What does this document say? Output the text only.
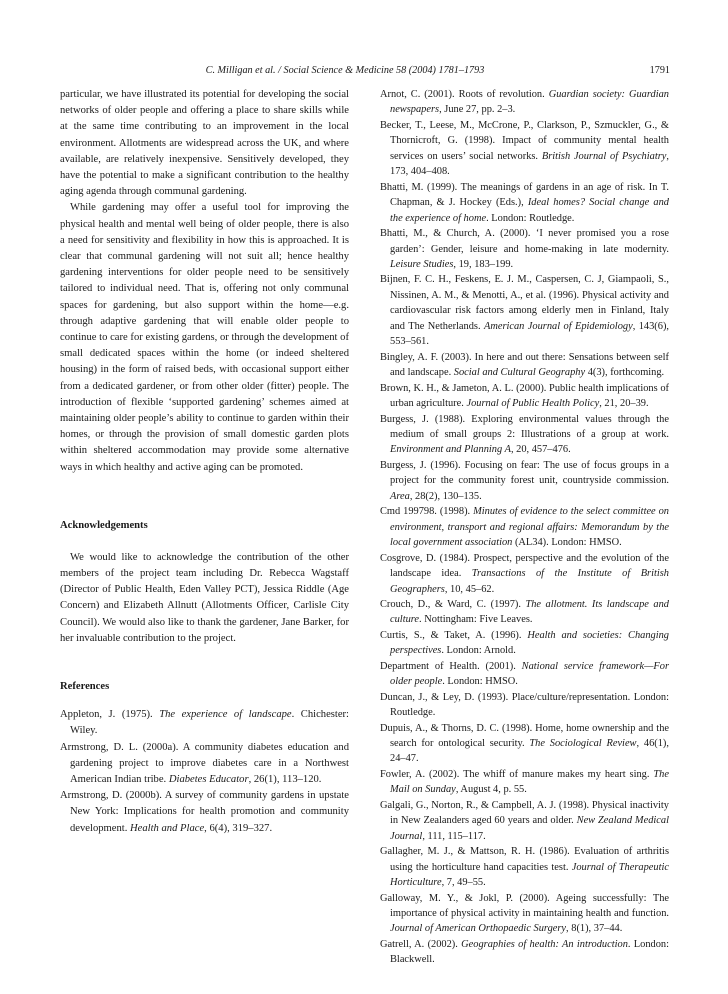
C. Milligan et al. / Social Science & Medicine 58 (2004) 1781–1793	1791

particular, we have illustrated its potential for developing the social networks of older people and offering a place to share skills while at the same time contributing to an improvement in the local environment. Allotments are widespread across the UK, and where available, are relatively inexpensive. Sensitively developed, they have the potential to make a significant contribution to the healthy aging agenda through communal gardening.

While gardening may offer a useful tool for improving the physical health and mental well being of older people, there is also a need for sensitivity and flexibility in how this is approached. It is clear that communal gardening will not suit all; hence healthy gardening interventions for older people need to be sensitively tailored to individual need. That is, offering not only communal spaces for gardening, but also support within the home—e.g. through adaptive gardening that will enable older people to continue to care for existing gardens, or through the development of small dedicated spaces within the home (or indeed sheltered housing) in the form of raised beds, with occasional support either from a dedicated gardener, or from other older (fitter) people. The introduction of flexible ‘supported gardening’ schemes aimed at maintaining older people’s ability to continue to garden within their homes, or through the provision of small domestic garden plots within sheltered accommodation may provide some alternative ways in which healthy and active aging can be promoted.

Acknowledgements

We would like to acknowledge the contribution of the other members of the project team including Dr. Rebecca Wagstaff (Director of Public Health, Eden Valley PCT), Jessica Riddle (Age Concern) and Elizabeth Allnutt (Allotments Officer, Carlisle City Council). We would also like to thank the gardener, Jane Barker, for her invaluable contribution to the project.

References

Appleton, J. (1975). The experience of landscape. Chichester: Wiley.

Armstrong, D. L. (2000a). A community diabetes education and gardening project to improve diabetes care in a Northwest American Indian tribe. Diabetes Educator, 26(1), 113–120.

Armstrong, D. (2000b). A survey of community gardens in upstate New York: Implications for health promotion and community development. Health and Place, 6(4), 319–327.

Arnot, C. (2001). Roots of revolution. Guardian society: Guardian newspapers, June 27, pp. 2–3.

Becker, T., Leese, M., McCrone, P., Clarkson, P., Szmuckler, G., & Thornicroft, G. (1998). Impact of community mental health services on users’ social networks. British Journal of Psychiatry, 173, 404–408.

Bhatti, M. (1999). The meanings of gardens in an age of risk. In T. Chapman, & J. Hockey (Eds.), Ideal homes? Social change and the experience of home. London: Routledge.

Bhatti, M., & Church, A. (2000). ‘I never promised you a rose garden’: Gender, leisure and home-making in late modernity. Leisure Studies, 19, 183–199.

Bijnen, F. C. H., Feskens, E. J. M., Caspersen, C. J, Giampaoli, S., Nissinen, A. M., & Menotti, A., et al. (1996). Physical activity and cardiovascular risk factors among elderly men in Finland, Italy and The Netherlands. American Journal of Epidemiology, 143(6), 553–561.

Bingley, A. F. (2003). In here and out there: Sensations between self and landscape. Social and Cultural Geography 4(3), forthcoming.

Brown, K. H., & Jameton, A. L. (2000). Public health implications of urban agriculture. Journal of Public Health Policy, 21, 20–39.

Burgess, J. (1988). Exploring environmental values through the medium of small groups 2: Illustrations of a group at work. Environment and Planning A, 20, 457–476.

Burgess, J. (1996). Focusing on fear: The use of focus groups in a project for the community forest unit, countryside commission. Area, 28(2), 130–135.

Cmd 199798. (1998). Minutes of evidence to the select committee on environment, transport and regional affairs: Memorandum by the local government association (AL34). London: HMSO.

Cosgrove, D. (1984). Prospect, perspective and the evolution of the landscape idea. Transactions of the Institute of British Geographers, 10, 45–62.

Crouch, D., & Ward, C. (1997). The allotment. Its landscape and culture. Nottingham: Five Leaves.

Curtis, S., & Taket, A. (1996). Health and societies: Changing perspectives. London: Arnold.

Department of Health. (2001). National service framework—For older people. London: HMSO.

Duncan, J., & Ley, D. (1993). Place/culture/representation. London: Routledge.

Dupuis, A., & Thorns, D. C. (1998). Home, home ownership and the search for ontological security. The Sociological Review, 46(1), 24–47.

Fowler, A. (2002). The whiff of manure makes my heart sing. The Mail on Sunday, August 4, p. 55.

Galgali, G., Norton, R., & Campbell, A. J. (1998). Physical inactivity in New Zealanders aged 60 years and older. New Zealand Medical Journal, 111, 115–117.

Gallagher, M. J., & Mattson, R. H. (1986). Evaluation of arthritis using the horticulture hand capacities test. Journal of Therapeutic Horticulture, 7, 49–55.

Galloway, M. Y., & Jokl, P. (2000). Ageing successfully: The importance of physical activity in maintaining health and function. Journal of American Orthopaedic Surgery, 8(1), 37–44.

Gatrell, A. (2002). Geographies of health: An introduction. London: Blackwell.
